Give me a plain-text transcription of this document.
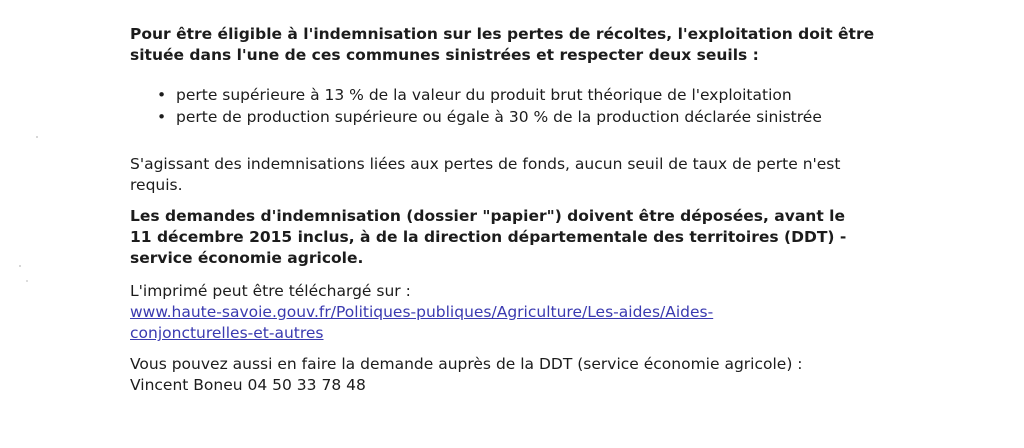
Pour être éligible à l'indemnisation sur les pertes de récoltes, l'exploitation doit être
située dans l'une de ces communes sinistrées et respecter deux seuils :

• perte supérieure à 13 % de la valeur du produit brut théorique de l'exploitation
• perte de production supérieure ou égale à 30 % de la production déclarée sinistrée

S'agissant des indemnisations liées aux pertes de fonds, aucun seuil de taux de perte n'est
requis.

Les demandes d'indemnisation (dossier "papier") doivent être déposées, avant le
11 décembre 2015 inclus, à de la direction départementale des territoires (DDT) -
service économie agricole.

L'imprimé peut être téléchargé sur :
www.haute-savoie.gouv.fr/Politiques-publiques/Agriculture/Les-aides/Aides-
conjoncturelles-et-autres

Vous pouvez aussi en faire la demande auprès de la DDT (service économie agricole) :
Vincent Boneu 04 50 33 78 48
